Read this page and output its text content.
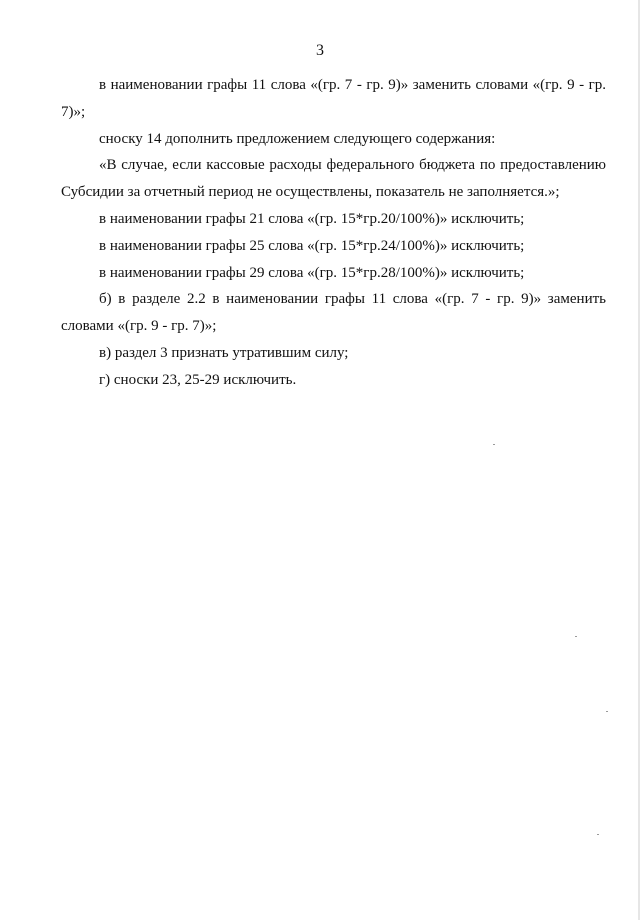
3

в наименовании графы 11 слова «(гр. 7 - гр. 9)» заменить словами «(гр. 9 - гр. 7)»;

сноску 14 дополнить предложением следующего содержания:

«В случае, если кассовые расходы федерального бюджета по предоставлению Субсидии за отчетный период не осуществлены, показатель не заполняется.»;

в наименовании графы 21 слова «(гр. 15*гр.20/100%)» исключить;

в наименовании графы 25 слова «(гр. 15*гр.24/100%)» исключить;

в наименовании графы 29 слова «(гр. 15*гр.28/100%)» исключить;

б) в разделе 2.2 в наименовании графы 11 слова «(гр. 7 - гр. 9)» заменить словами «(гр. 9 - гр. 7)»;

в) раздел 3 признать утратившим силу;

г) сноски 23, 25-29 исключить.
